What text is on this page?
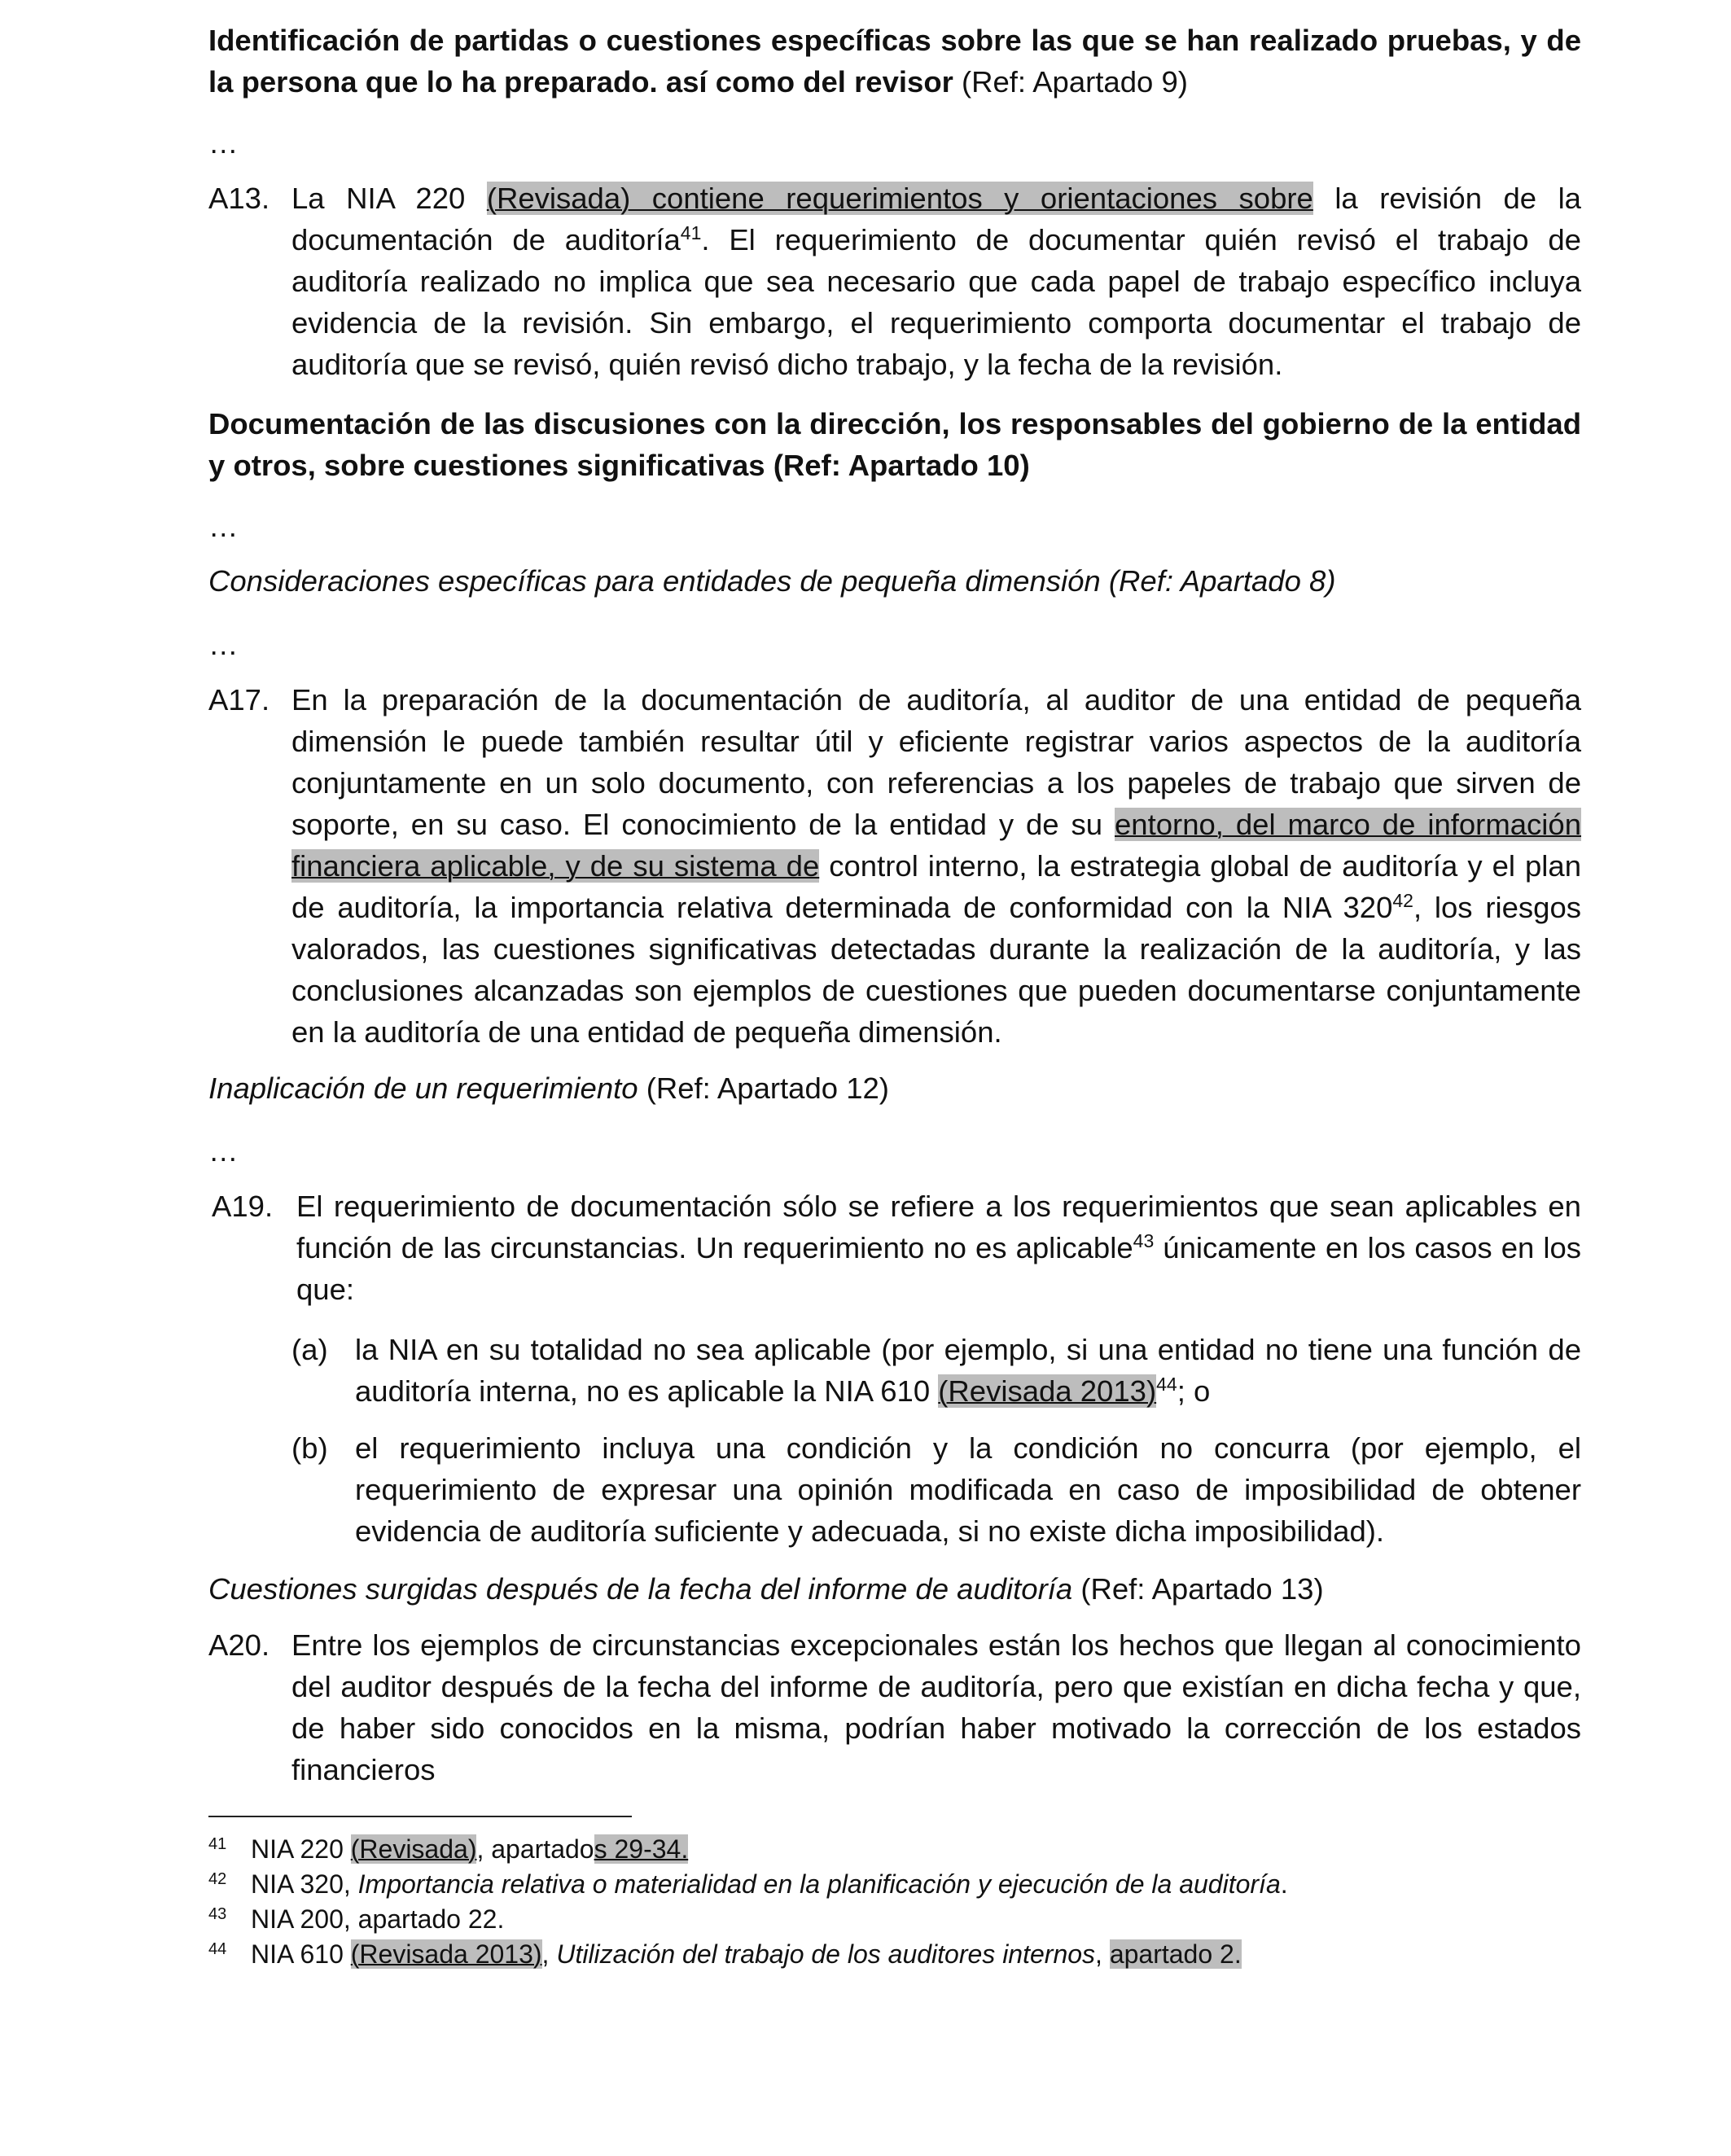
Identificación de partidas o cuestiones específicas sobre las que se han realizado pruebas, y de la persona que lo ha preparado. así como del revisor (Ref: Apartado 9)

…

A13. La NIA 220 (Revisada) contiene requerimientos y orientaciones sobre la revisión de la documentación de auditoría$^{41}$. El requerimiento de documentar quién revisó el trabajo de auditoría realizado no implica que sea necesario que cada papel de trabajo específico incluya evidencia de la revisión. Sin embargo, el requerimiento comporta documentar el trabajo de auditoría que se revisó, quién revisó dicho trabajo, y la fecha de la revisión.

Documentación de las discusiones con la dirección, los responsables del gobierno de la entidad y otros, sobre cuestiones significativas (Ref: Apartado 10)

…

Consideraciones específicas para entidades de pequeña dimensión (Ref: Apartado 8)

…

A17. En la preparación de la documentación de auditoría, al auditor de una entidad de pequeña dimensión le puede también resultar útil y eficiente registrar varios aspectos de la auditoría conjuntamente en un solo documento, con referencias a los papeles de trabajo que sirven de soporte, en su caso. El conocimiento de la entidad y de su entorno, del marco de información financiera aplicable, y de su sistema de control interno, la estrategia global de auditoría y el plan de auditoría, la importancia relativa determinada de conformidad con la NIA $320^{42}$, los riesgos valorados, las cuestiones significativas detectadas durante la realización de la auditoría, y las conclusiones alcanzadas son ejemplos de cuestiones que pueden documentarse conjuntamente en la auditoría de una entidad de pequeña dimensión.

Inaplicación de un requerimiento (Ref: Apartado 12)

…

A19. El requerimiento de documentación sólo se refiere a los requerimientos que sean aplicables en función de las circunstancias. Un requerimiento no es aplicable$^{43}$ únicamente en los casos en los que:

(a) la NIA en su totalidad no sea aplicable (por ejemplo, si una entidad no tiene una función de auditoría interna, no es aplicable la NIA 610 (Revisada 2013)$^{44}$; o

(b) el requerimiento incluya una condición y la condición no concurra (por ejemplo, el requerimiento de expresar una opinión modificada en caso de imposibilidad de obtener evidencia de auditoría suficiente y adecuada, si no existe dicha imposibilidad).

Cuestiones surgidas después de la fecha del informe de auditoría (Ref: Apartado 13)

A20. Entre los ejemplos de circunstancias excepcionales están los hechos que llegan al conocimiento del auditor después de la fecha del informe de auditoría, pero que existían en dicha fecha y que, de haber sido conocidos en la misma, podrían haber motivado la corrección de los estados financieros

41 NIA 220 (Revisada), apartados 29-34.
42 NIA 320, Importancia relativa o materialidad en la planificación y ejecución de la auditoría.
43 NIA 200, apartado 22.
44 NIA 610 (Revisada 2013), Utilización del trabajo de los auditores internos, apartado 2.
